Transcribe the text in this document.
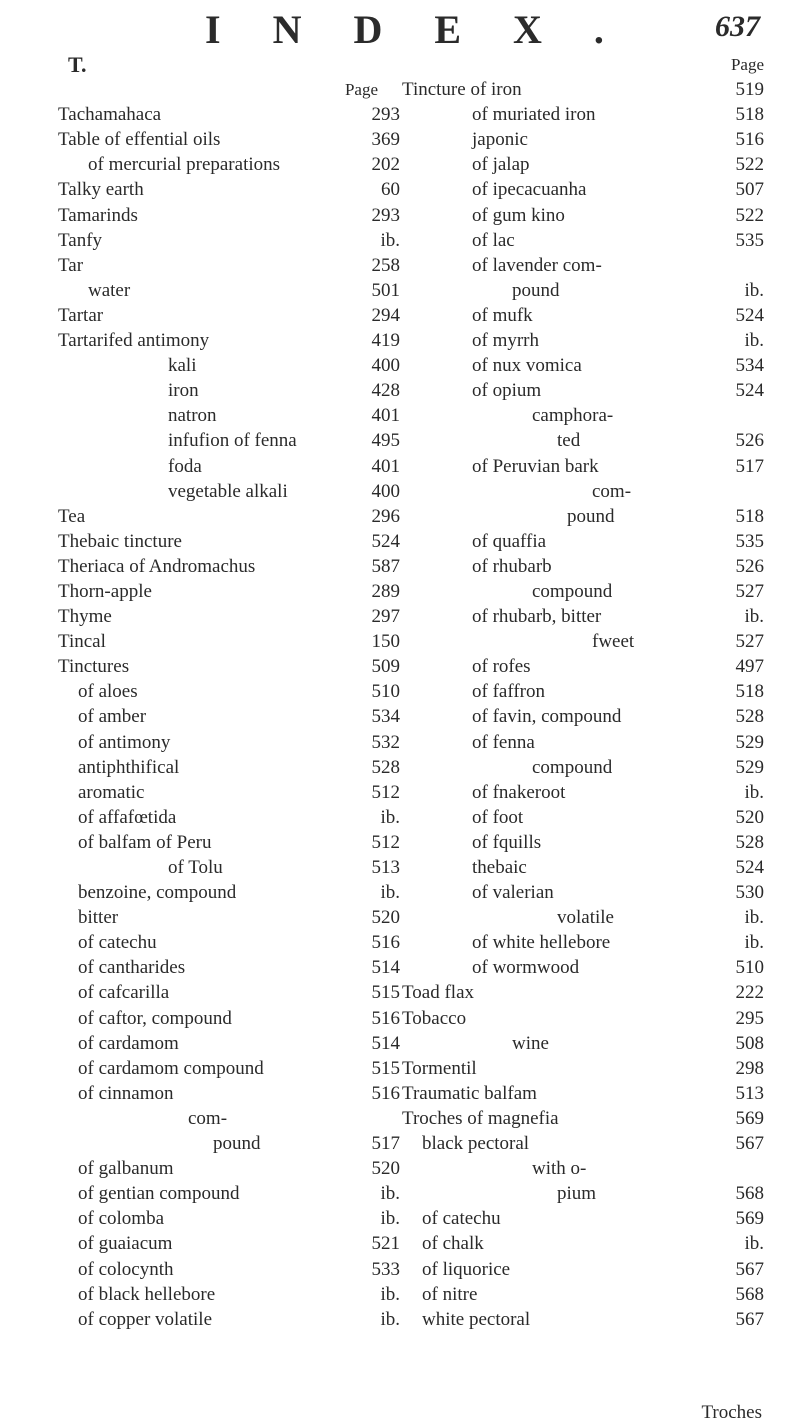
INDEX. 637
T.
Page
Tachamahaca	293
Table of effential oils	369
of mercurial preparations	202
Talky earth	60
Tamarinds	293
Tanfy	ib.
Tar	258
water	501
Tartar	294
Tartarifed antimony	419
kali	400
iron	428
natron	401
infufion of fenna	495
foda	401
vegetable alkali	400
Tea	296
Thebaic tincture	524
Theriaca of Andromachus	587
Thorn-apple	289
Thyme	297
Tincal	150
Tinctures	509
of aloes	510
of amber	534
of antimony	532
antiphthifical	528
aromatic	512
of affafœtida	ib.
of balfam of Peru	512
of Tolu	513
benzoine, compound	ib.
bitter	520
of catechu	516
of cantharides	514
of cafcarilla	515
of caftor, compound	516
of cardamom	514
of cardamom compound	515
of cinnamon	516
com-
pound	517
of galbanum	520
of gentian compound	ib.
of colomba	ib.
of guaiacum	521
of colocynth	533
of black hellebore	ib.
of copper volatile	ib.
Page
Tincture of iron	519
of muriated iron	518
japonic	516
of jalap	522
of ipecacuanha	507
of gum kino	522
of lac	535
of lavender com-
pound	ib.
of mufk	524
of myrrh	ib.
of nux vomica	534
of opium	524
camphora-
ted	526
of Peruvian bark	517
com-
pound	518
of quaffia	535
of rhubarb	526
compound	527
of rhubarb, bitter	ib.
fweet	527
of rofes	497
of faffron	518
of favin, compound	528
of fenna	529
compound	529
of fnakeroot	ib.
of foot	520
of fquills	528
thebaic	524
of valerian	530
volatile	ib.
of white hellebore	ib.
of wormwood	510
Toad flax	222
Tobacco	295
wine	508
Tormentil	298
Traumatic balfam	513
Troches of magnefia	569
black pectoral	567
with o-
pium	568
of catechu	569
of chalk	ib.
of liquorice	567
of nitre	568
white pectoral	567
Troches
